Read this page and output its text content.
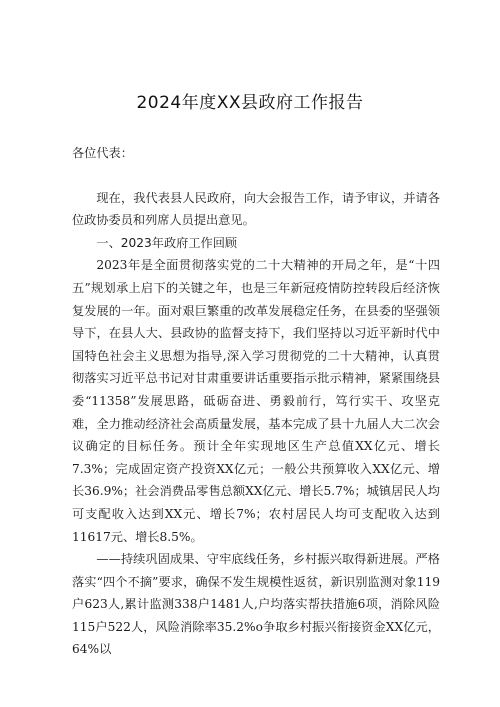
2024年度XX县政府工作报告

各位代表：

现在，我代表县人民政府，向大会报告工作，请予审议，并请各位政协委员和列席人员提出意见。

一、2023年政府工作回顾

2023年是全面贯彻落实党的二十大精神的开局之年，是“十四五”规划承上启下的关键之年，也是三年新冠疫情防控转段后经济恢复发展的一年。面对艰巨繁重的改革发展稳定任务，在县委的坚强领导下，在县人大、县政协的监督支持下，我们坚持以习近平新时代中国特色社会主义思想为指导,深入学习贯彻党的二十大精神，认真贯彻落实习近平总书记对甘肃重要讲话重要指示批示精神，紧紧围绕县委“11358”发展思路，砥砺奋进、勇毅前行，笃行实干、攻坚克难，全力推动经济社会高质量发展，基本完成了县十九届人大二次会议确定的目标任务。预计全年实现地区生产总值XX亿元、增长7.3%；完成固定资产投资XX亿元；一般公共预算收入XX亿元、增长36.9%；社会消费品零售总额XX亿元、增长5.7%；城镇居民人均可支配收入达到XX元、增长7%；农村居民人均可支配收入达到11617元、增长8.5%。

——持续巩固成果、守牢底线任务，乡村振兴取得新进展。严格落实“四个不摘”要求，确保不发生规模性返贫，新识别监测对象119户623人,累计监测338户1481人,户均落实帮扶措施6项，消除风险115户522人，风险消除率35.2%o争取乡村振兴衔接资金XX亿元，64%以
